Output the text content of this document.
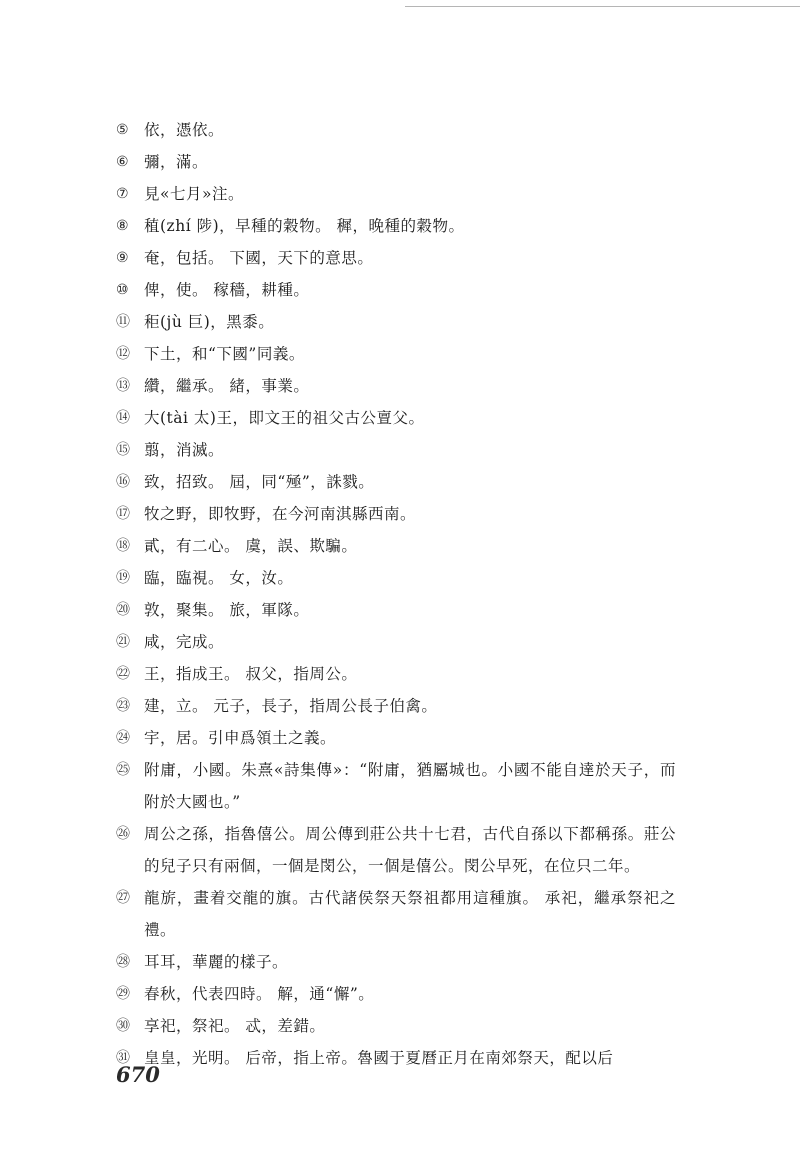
⑤ 依，憑依。
⑥ 彌，滿。
⑦ 見«七月»注。
⑧ 稙(zhí 陟)，早種的穀物。 穉，晚種的穀物。
⑨ 奄，包括。 下國，天下的意思。
⑩ 俾，使。 稼穡，耕種。
⑪ 秬(jù 巨)，黑黍。
⑫ 下土，和“下國”同義。
⑬ 纘，繼承。 緒，事業。
⑭ 大(tài 太)王，即文王的祖父古公亶父。
⑮ 翦，消滅。
⑯ 致，招致。 屆，同“殛”，誅戮。
⑰ 牧之野，即牧野，在今河南淇縣西南。
⑱ 貳，有二心。 虞，誤、欺騙。
⑲ 臨，臨視。 女，汝。
⑳ 敦，聚集。 旅，軍隊。
㉑ 咸，完成。
㉒ 王，指成王。 叔父，指周公。
㉓ 建，立。 元子，長子，指周公長子伯禽。
㉔ 宇，居。引申爲領土之義。
㉕ 附庸，小國。朱熹«詩集傳»：“附庸，猶屬城也。小國不能自達於天子，而附於大國也。”
㉖ 周公之孫，指魯僖公。周公傳到莊公共十七君，古代自孫以下都稱孫。莊公的兒子只有兩個，一個是閔公，一個是僖公。閔公早死，在位只二年。
㉗ 龍旂，畫着交龍的旗。古代諸侯祭天祭祖都用這種旗。 承祀，繼承祭祀之禮。
㉘ 耳耳，華麗的樣子。
㉙ 春秋，代表四時。 解，通“懈”。
㉚ 享祀，祭祀。 忒，差錯。
㉛ 皇皇，光明。 后帝，指上帝。魯國于夏曆正月在南郊祭天，配以后
670
